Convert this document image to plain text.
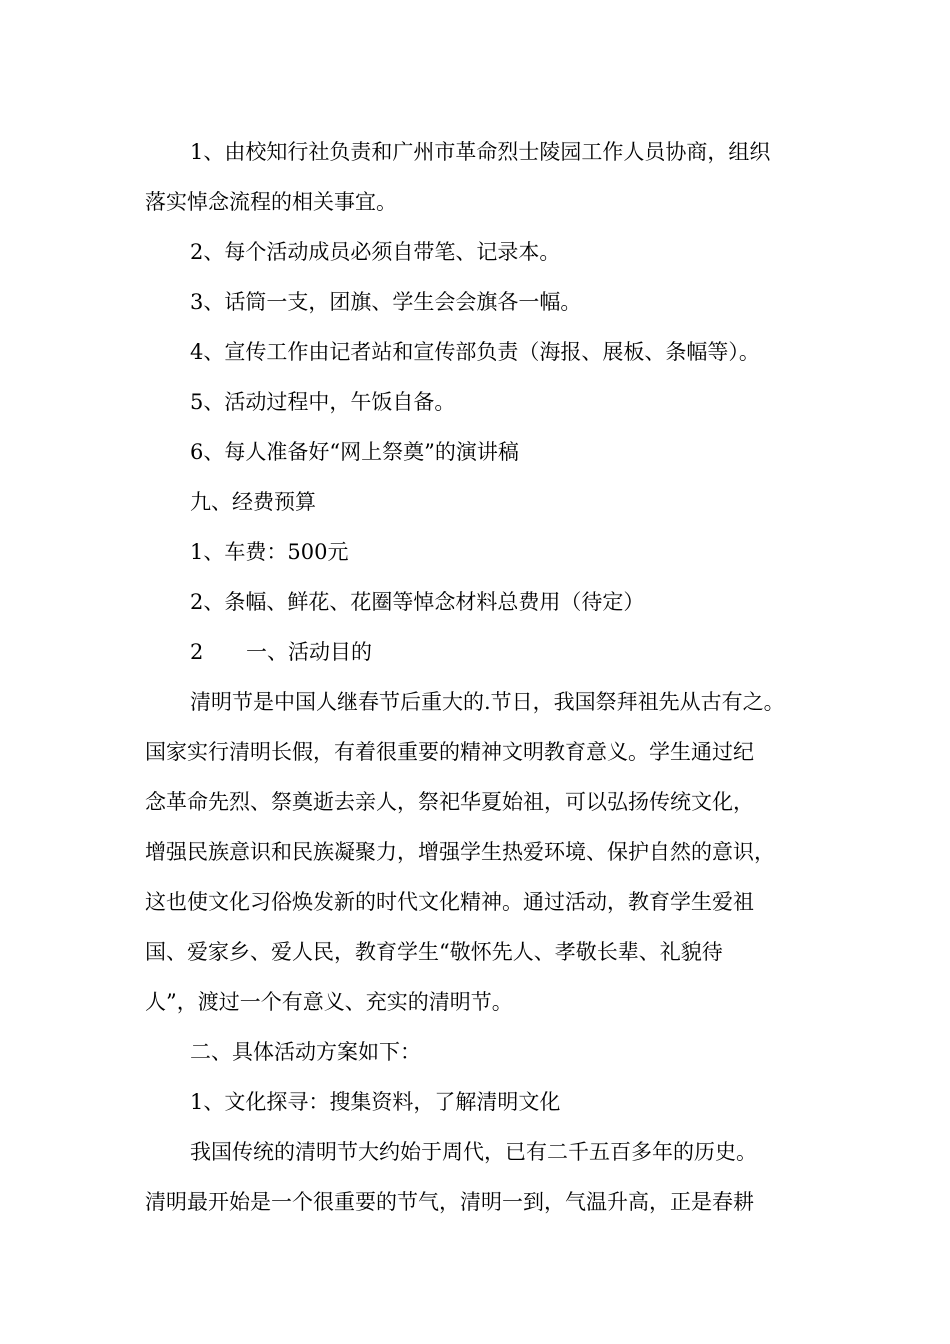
1、由校知行社负责和广州市革命烈士陵园工作人员协商，组织
落实悼念流程的相关事宜。
2、每个活动成员必须自带笔、记录本。
3、话筒一支，团旗、学生会会旗各一幅。
4、宣传工作由记者站和宣传部负责（海报、展板、条幅等）。
5、活动过程中，午饭自备。
6、每人准备好“网上祭奠”的演讲稿
九、经费预算
1、车费：500元
2、条幅、鲜花、花圈等悼念材料总费用（待定）
2 一、活动目的
清明节是中国人继春节后重大的.节日，我国祭拜祖先从古有之。
国家实行清明长假，有着很重要的精神文明教育意义。学生通过纪
念革命先烈、祭奠逝去亲人，祭祀华夏始祖，可以弘扬传统文化，
增强民族意识和民族凝聚力，增强学生热爱环境、保护自然的意识，
这也使文化习俗焕发新的时代文化精神。通过活动，教育学生爱祖
国、爱家乡、爱人民，教育学生“敬怀先人、孝敬长辈、礼貌待
人”，渡过一个有意义、充实的清明节。
二、具体活动方案如下：
1、文化探寻：搜集资料，了解清明文化
我国传统的清明节大约始于周代，已有二千五百多年的历史。
清明最开始是一个很重要的节气，清明一到，气温升高，正是春耕
